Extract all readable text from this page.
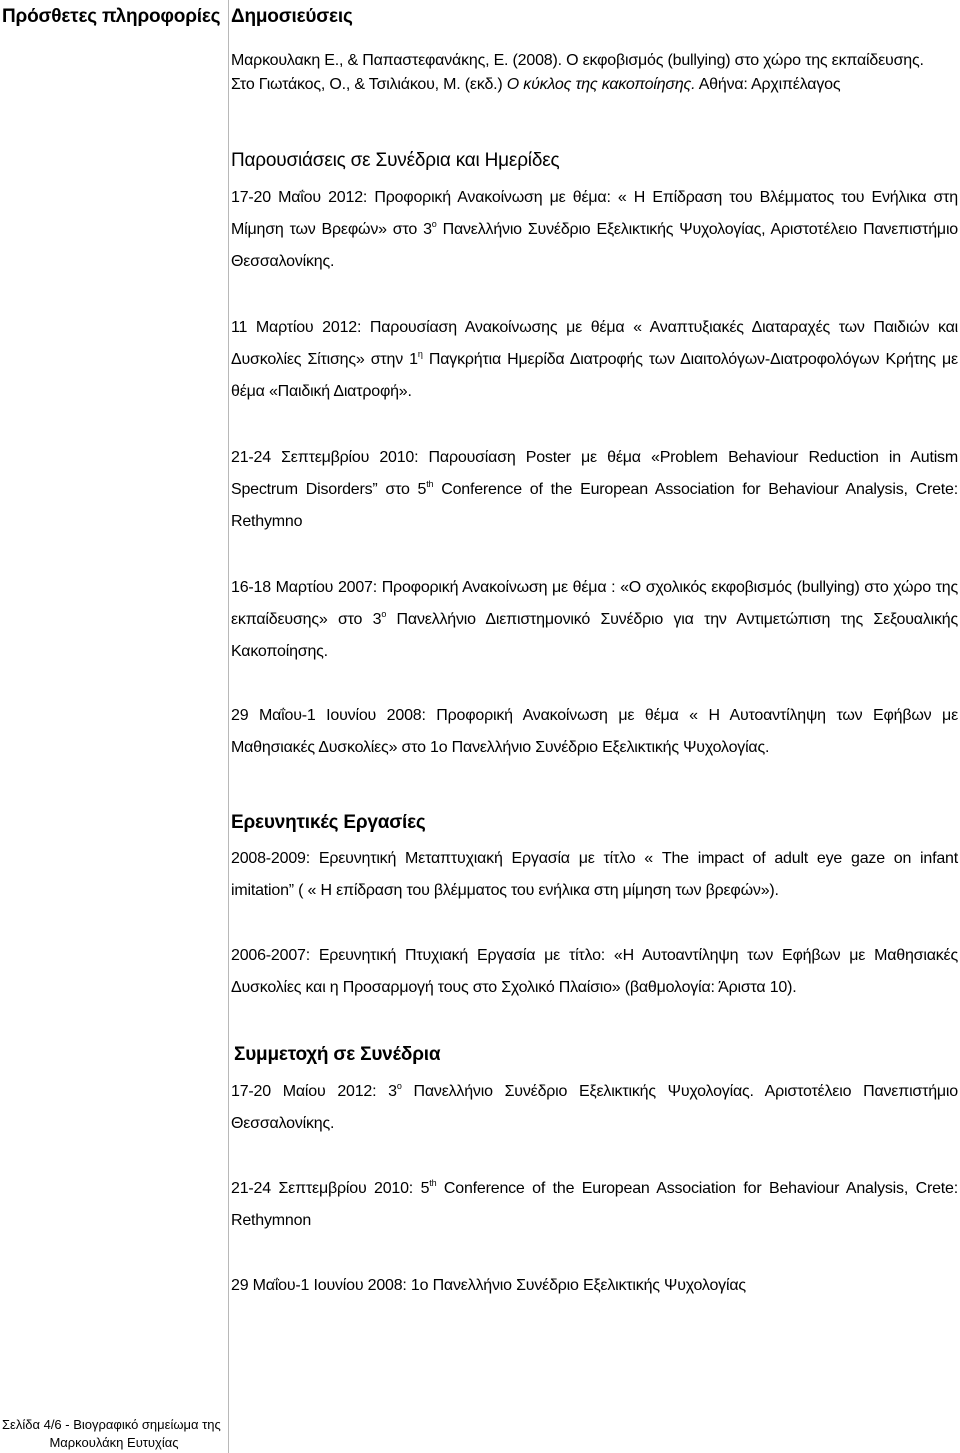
Πρόσθετες πληροφορίες
Σελίδα 4/6 - Βιογραφικό σημείωμα της
Μαρκουλάκη Ευτυχίας
Δημοσιεύσεις

Μαρκουλακη Ε., & Παπαστεφανάκης, Ε. (2008). Ο εκφοβισμός (bullying) στο χώρο της εκπαίδευσης.
Στο Γιωτάκος, Ο., & Τσιλιάκου, Μ. (εκδ.) Ο κύκλος της κακοποίησης. Αθήνα: Αρχιπέλαγος

Παρουσιάσεις σε Συνέδρια και Ημερίδες

17-20 Μαΐου 2012: Προφορική Ανακοίνωση με θέμα: « Η Επίδραση του Βλέμματος του Ενήλικα στη Μίμηση των Βρεφών» στο $3^o$ Πανελλήνιο Συνέδριο Εξελικτικής Ψυχολογίας, Αριστοτέλειο Πανεπιστήμιο Θεσσαλονίκης.

11 Μαρτίου 2012: Παρουσίαση Ανακοίνωσης με θέμα « Αναπτυξιακές Διαταραχές των Παιδιών και Δυσκολίες Σίτισης» στην $1^\eta$ Παγκρήτια Ημερίδα Διατροφής των Διαιτολόγων-Διατροφολόγων Κρήτης με θέμα «Παιδική Διατροφή».

21-24 Σεπτεμβρίου 2010: Παρουσίαση Poster με θέμα «Problem Behaviour Reduction in Autism Spectrum Disorders” στο 5th Conference of the European Association for Behaviour Analysis, Crete: Rethymno

16-18 Μαρτίου 2007: Προφορική Ανακοίνωση με θέμα : «Ο σχολικός εκφοβισμός (bullying) στο χώρο της εκπαίδευσης» στο $3^o$ Πανελλήνιο Διεπιστημονικό Συνέδριο για την Αντιμετώπιση της Σεξουαλικής Κακοποίησης.

29 Μαΐου-1 Ιουνίου 2008: Προφορική Ανακοίνωση με θέμα « Η Αυτοαντίληψη των Εφήβων με Μαθησιακές Δυσκολίες» στο 1ο Πανελλήνιο Συνέδριο Εξελικτικής Ψυχολογίας.

Ερευνητικές Εργασίες

2008-2009: Ερευνητική Μεταπτυχιακή Εργασία με τίτλο « The impact of adult eye gaze on infant imitation” ( « Η επίδραση του βλέμματος του ενήλικα στη μίμηση των βρεφών»).

2006-2007: Ερευνητική Πτυχιακή Εργασία με τίτλο: «Η Αυτοαντίληψη των Εφήβων με Μαθησιακές Δυσκολίες και η Προσαρμογή τους στο Σχολικό Πλαίσιο» (βαθμολογία: Άριστα 10).

Συμμετοχή σε Συνέδρια

17-20 Μαίου 2012: $3^o$ Πανελλήνιο Συνέδριο Εξελικτικής Ψυχολογίας. Αριστοτέλειο Πανεπιστήμιο Θεσσαλονίκης.

21-24 Σεπτεμβρίου 2010: 5th Conference of the European Association for Behaviour Analysis, Crete: Rethymnon

29 Μαΐου-1 Ιουνίου 2008: 1ο Πανελλήνιο Συνέδριο Εξελικτικής Ψυχολογίας
